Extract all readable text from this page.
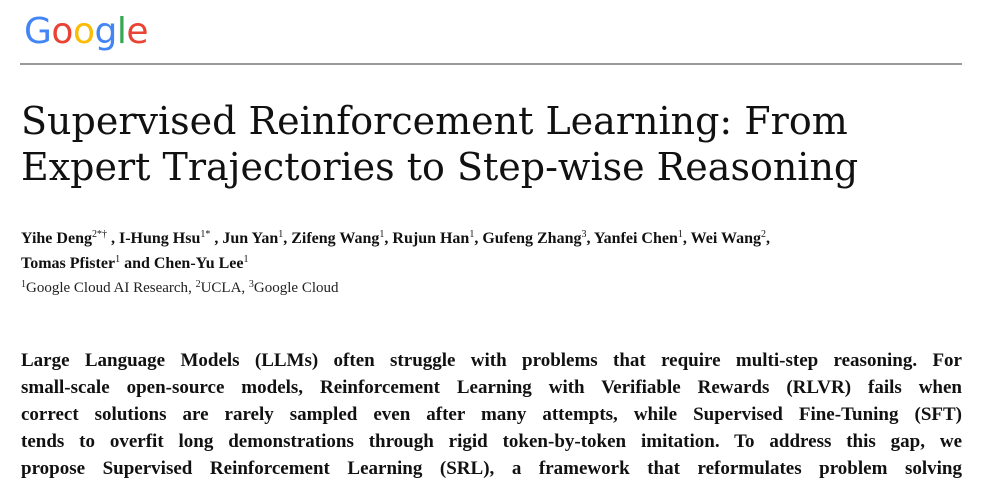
Google
Supervised Reinforcement Learning: From
Expert Trajectories to Step-wise Reasoning
Yihe Deng$^{2*\dagger}$ , I-Hung Hsu$^{1*}$ , Jun Yan$^1$, Zifeng Wang$^1$, Rujun Han$^1$, Gufeng Zhang$^3$, Yanfei Chen$^1$, Wei Wang$^2$,
Tomas Pfister$^1$ and Chen-Yu Lee$^1$
$^1$Google Cloud AI Research, $^2$UCLA, $^3$Google Cloud
Large Language Models (LLMs) often struggle with problems that require multi-step reasoning. For
small-scale open-source models, Reinforcement Learning with Verifiable Rewards (RLVR) fails when
correct solutions are rarely sampled even after many attempts, while Supervised Fine-Tuning (SFT)
tends to overfit long demonstrations through rigid token-by-token imitation. To address this gap, we
propose Supervised Reinforcement Learning (SRL), a framework that reformulates problem solving
